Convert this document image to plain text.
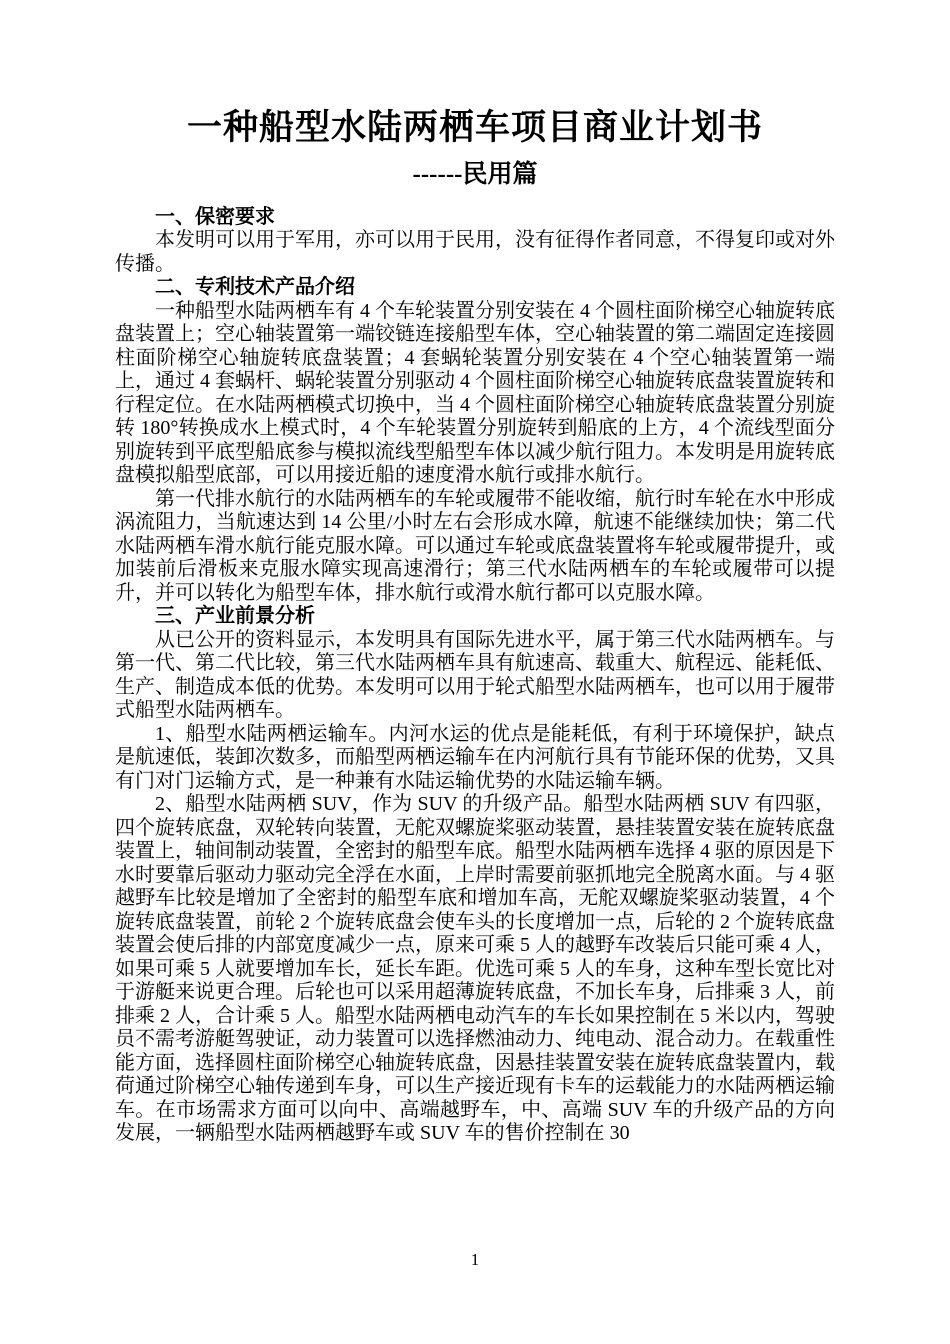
一种船型水陆两栖车项目商业计划书
------民用篇
一、保密要求

本发明可以用于军用，亦可以用于民用，没有征得作者同意，不得复印或对外传播。

二、专利技术产品介绍

一种船型水陆两栖车有 4 个车轮装置分别安装在 4 个圆柱面阶梯空心轴旋转底盘装置上；空心轴装置第一端铰链连接船型车体，空心轴装置的第二端固定连接圆柱面阶梯空心轴旋转底盘装置；4 套蜗轮装置分别安装在 4 个空心轴装置第一端上，通过 4 套蜗杆、蜗轮装置分别驱动 4 个圆柱面阶梯空心轴旋转底盘装置旋转和行程定位。在水陆两栖模式切换中，当 4 个圆柱面阶梯空心轴旋转底盘装置分别旋转 180°转换成水上模式时，4 个车轮装置分别旋转到船底的上方，4 个流线型面分别旋转到平底型船底参与模拟流线型船型车体以减少航行阻力。本发明是用旋转底盘模拟船型底部，可以用接近船的速度滑水航行或排水航行。

第一代排水航行的水陆两栖车的车轮或履带不能收缩，航行时车轮在水中形成涡流阻力，当航速达到 14 公里/小时左右会形成水障，航速不能继续加快；第二代水陆两栖车滑水航行能克服水障。可以通过车轮或底盘装置将车轮或履带提升，或加装前后滑板来克服水障实现高速滑行；第三代水陆两栖车的车轮或履带可以提升，并可以转化为船型车体，排水航行或滑水航行都可以克服水障。

三、产业前景分析

从已公开的资料显示，本发明具有国际先进水平，属于第三代水陆两栖车。与第一代、第二代比较，第三代水陆两栖车具有航速高、载重大、航程远、能耗低、生产、制造成本低的优势。本发明可以用于轮式船型水陆两栖车，也可以用于履带式船型水陆两栖车。

1、船型水陆两栖运输车。内河水运的优点是能耗低，有利于环境保护，缺点是航速低，装卸次数多，而船型两栖运输车在内河航行具有节能环保的优势，又具有门对门运输方式，是一种兼有水陆运输优势的水陆运输车辆。

2、船型水陆两栖 SUV，作为 SUV 的升级产品。船型水陆两栖 SUV 有四驱，四个旋转底盘，双轮转向装置，无舵双螺旋桨驱动装置，悬挂装置安装在旋转底盘装置上，轴间制动装置，全密封的船型车底。船型水陆两栖车选择 4 驱的原因是下水时要靠后驱动力驱动完全浮在水面，上岸时需要前驱抓地完全脱离水面。与 4 驱越野车比较是增加了全密封的船型车底和增加车高，无舵双螺旋桨驱动装置，4 个旋转底盘装置，前轮 2 个旋转底盘会使车头的长度增加一点，后轮的 2 个旋转底盘装置会使后排的内部宽度减少一点，原来可乘 5 人的越野车改装后只能可乘 4 人，如果可乘 5 人就要增加车长，延长车距。优选可乘 5 人的车身，这种车型长宽比对于游艇来说更合理。后轮也可以采用超薄旋转底盘，不加长车身，后排乘 3 人，前排乘 2 人，合计乘 5 人。船型水陆两栖电动汽车的车长如果控制在 5 米以内，驾驶员不需考游艇驾驶证，动力装置可以选择燃油动力、纯电动、混合动力。在载重性能方面，选择圆柱面阶梯空心轴旋转底盘，因悬挂装置安装在旋转底盘装置内，载荷通过阶梯空心轴传递到车身，可以生产接近现有卡车的运载能力的水陆两栖运输车。在市场需求方面可以向中、高端越野车，中、高端 SUV 车的升级产品的方向发展，一辆船型水陆两栖越野车或 SUV 车的售价控制在 30

1
